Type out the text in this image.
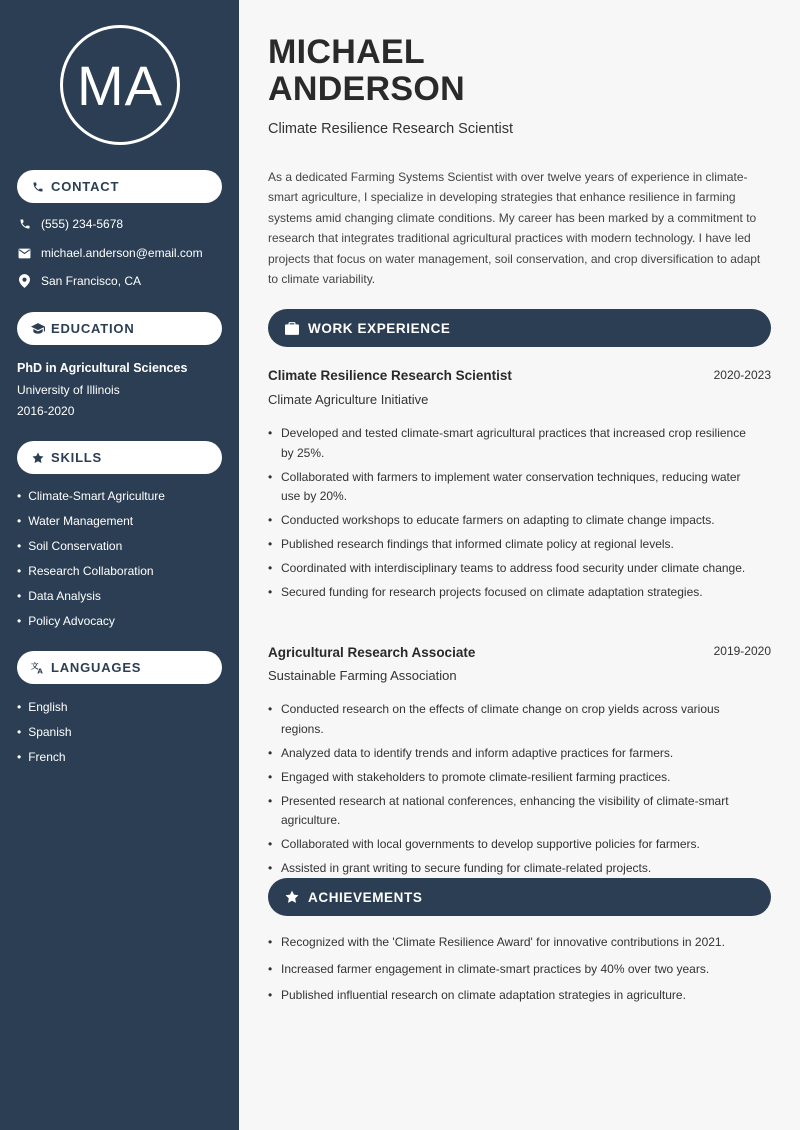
MA
CONTACT
(555) 234-5678
michael.anderson@email.com
San Francisco, CA
EDUCATION
PhD in Agricultural Sciences
University of Illinois
2016-2020
SKILLS
• Climate-Smart Agriculture
• Water Management
• Soil Conservation
• Research Collaboration
• Data Analysis
• Policy Advocacy
文
A LANGUAGES
• English
• Spanish
• French
MICHAEL
ANDERSON
Climate Resilience Research Scientist
As a dedicated Farming Systems Scientist with over twelve years of experience in climate-smart agriculture, I specialize in developing strategies that enhance resilience in farming systems amid changing climate conditions. My career has been marked by a commitment to research that integrates traditional agricultural practices with modern technology. I have led projects that focus on water management, soil conservation, and crop diversification to adapt to climate variability.
WORK EXPERIENCE
Climate Resilience Research Scientist	2020-2023
Climate Agriculture Initiative
• Developed and tested climate-smart agricultural practices that increased crop resilience by 25%.
• Collaborated with farmers to implement water conservation techniques, reducing water use by 20%.
• Conducted workshops to educate farmers on adapting to climate change impacts.
• Published research findings that informed climate policy at regional levels.
• Coordinated with interdisciplinary teams to address food security under climate change.
• Secured funding for research projects focused on climate adaptation strategies.
Agricultural Research Associate	2019-2020
Sustainable Farming Association
• Conducted research on the effects of climate change on crop yields across various regions.
• Analyzed data to identify trends and inform adaptive practices for farmers.
• Engaged with stakeholders to promote climate-resilient farming practices.
• Presented research at national conferences, enhancing the visibility of climate-smart agriculture.
• Collaborated with local governments to develop supportive policies for farmers.
• Assisted in grant writing to secure funding for climate-related projects.
ACHIEVEMENTS
• Recognized with the 'Climate Resilience Award' for innovative contributions in 2021.
• Increased farmer engagement in climate-smart practices by 40% over two years.
• Published influential research on climate adaptation strategies in agriculture.
